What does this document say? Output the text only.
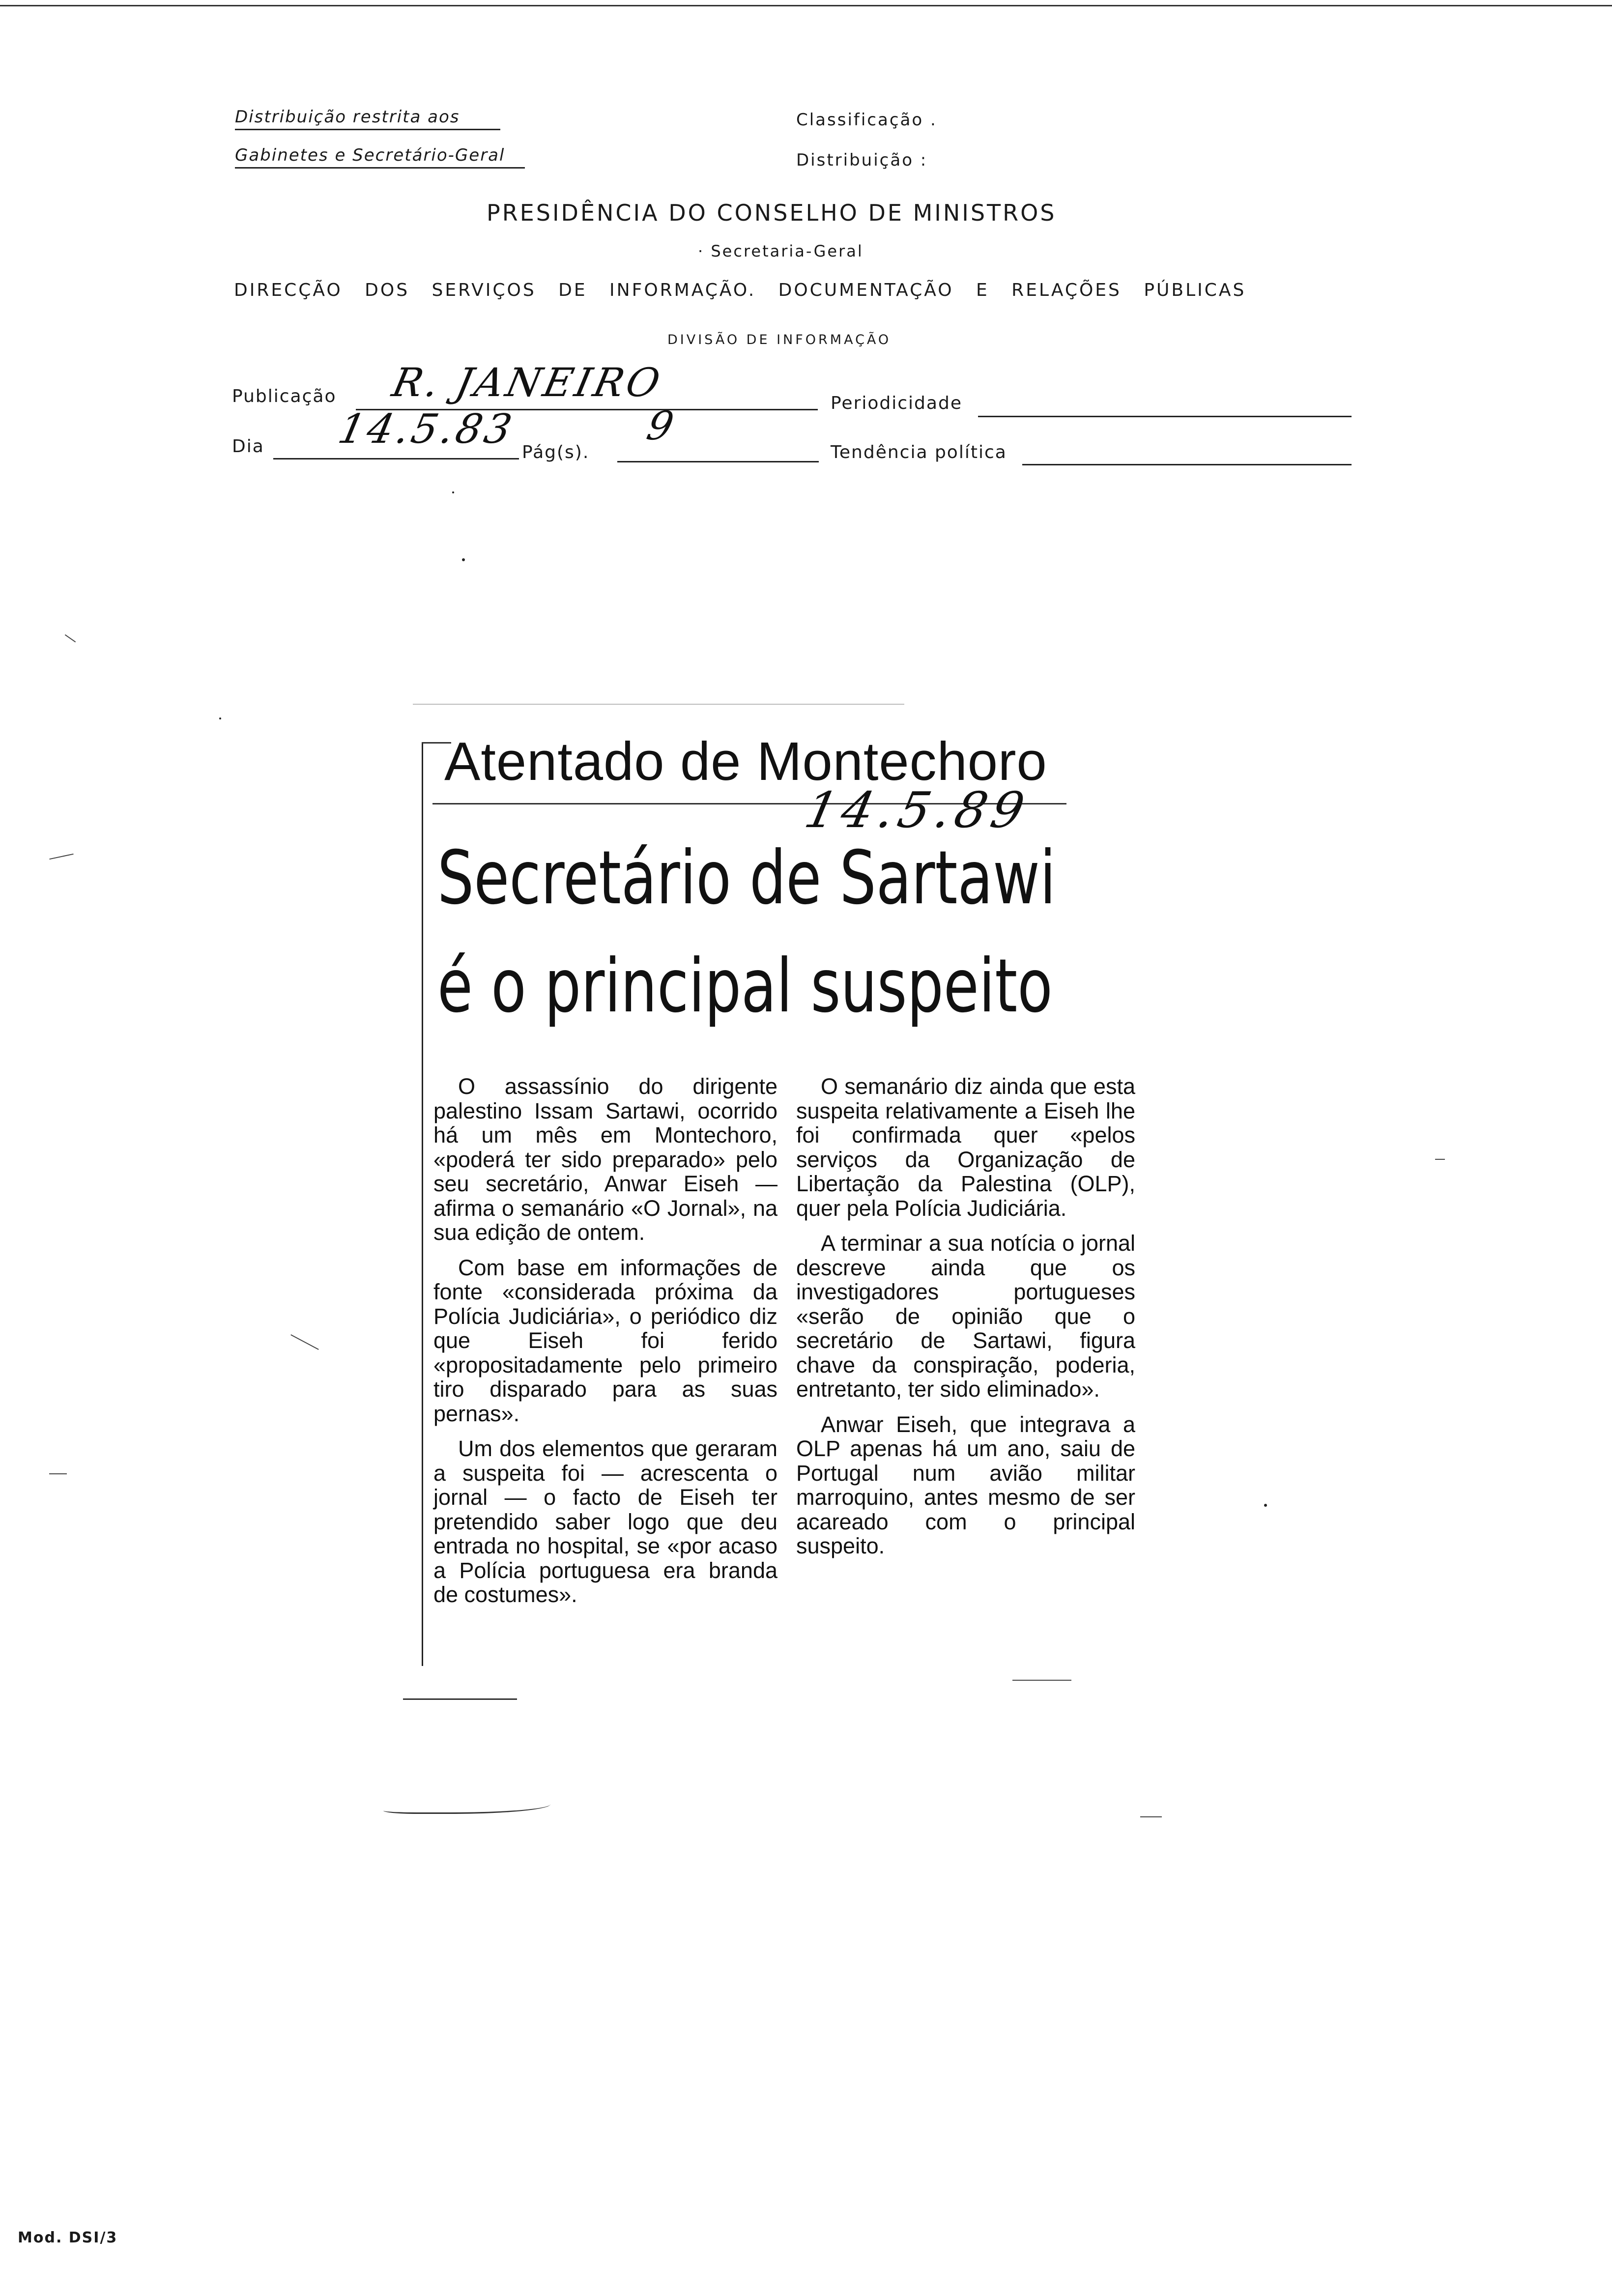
Distribuição restrita aos
Gabinetes e Secretário-Geral
Classificação .
Distribuição :
PRESIDÊNCIA DO CONSELHO DE MINISTROS
· Secretaria-Geral
DIRECÇÃO DOS SERVIÇOS DE INFORMAÇÃO. DOCUMENTAÇÃO E RELAÇÕES PÚBLICAS
DIVISÃO DE INFORMAÇÃO
Publicação R. JANEIRO	Periodicidade
Dia 14.5.83 Pág(s).
9
Tendência política
Atentado de Montechoro
14.5.89
Secretário de Sartawi
é o principal suspeito

O assassínio do dirigente palestino Issam Sartawi, ocorrido há um mês em Montechoro, «poderá ter sido preparado» pelo seu secretário, Anwar Eiseh — afirma o semanário «O Jornal», na sua edição de ontem.

Com base em informações de fonte «considerada próxima da Polícia Judiciária», o periódico diz que Eiseh foi ferido «propositadamente pelo primeiro tiro disparado para as suas pernas».

Um dos elementos que geraram a suspeita foi — acrescenta o jornal — o facto de Eiseh ter pretendido saber logo que deu entrada no hospital, se «por acaso a Polícia portuguesa era branda de costumes».

O semanário diz ainda que esta suspeita relativamente a Eiseh lhe foi confirmada quer «pelos serviços da Organização de Libertação da Palestina (OLP), quer pela Polícia Judiciária.

A terminar a sua notícia o jornal descreve ainda que os investigadores portugueses «serão de opinião que o secretário de Sartawi, figura chave da conspiração, poderia, entretanto, ter sido eliminado».

Anwar Eiseh, que integrava a OLP apenas há um ano, saiu de Portugal num avião militar marroquino, antes mesmo de ser acareado com o principal suspeito.

Mod. DSI/3
